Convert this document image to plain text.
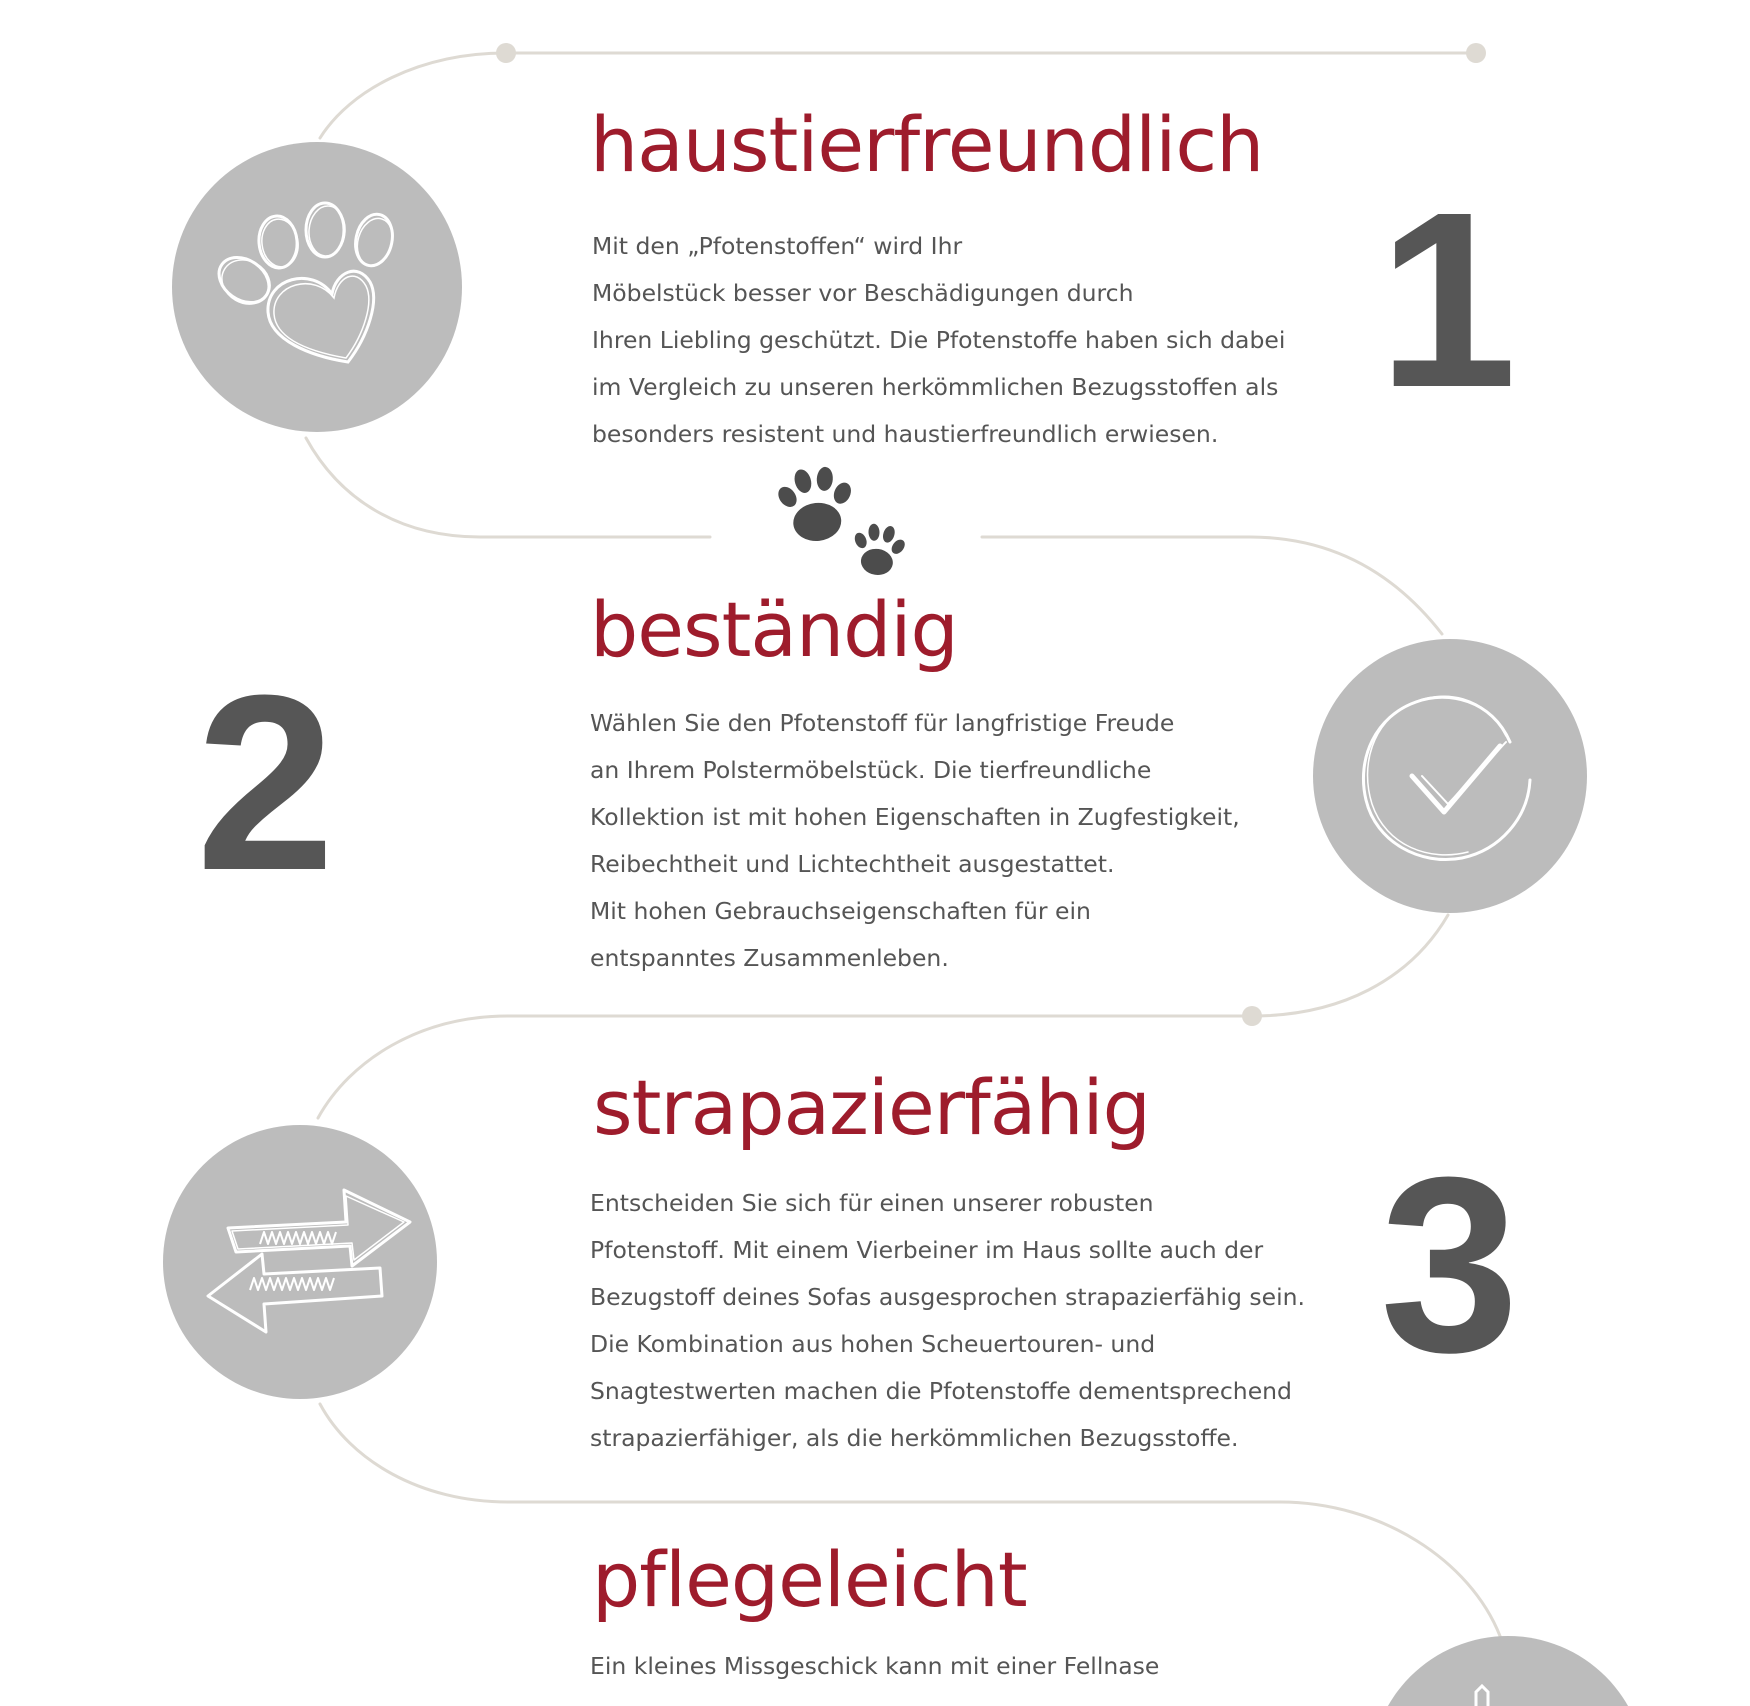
haustierfreundlich
Mit den „Pfotenstoffen“ wird Ihr
Möbelstück besser vor Beschädigungen durch
Ihren Liebling geschützt. Die Pfotenstoffe haben sich dabei
im Vergleich zu unseren herkömmlichen Bezugsstoffen als
besonders resistent und haustierfreundlich erwiesen. 1
beständig
Wählen Sie den Pfotenstoff für langfristige Freude
an Ihrem Polstermöbelstück. Die tierfreundliche
Kollektion ist mit hohen Eigenschaften in Zugfestigkeit,
Reibechtheit und Lichtechtheit ausgestattet.
Mit hohen Gebrauchseigenschaften für ein
entspanntes Zusammenleben.
2
strapazierfähig
Entscheiden Sie sich für einen unserer robusten
Pfotenstoff. Mit einem Vierbeiner im Haus sollte auch der
Bezugstoff deines Sofas ausgesprochen strapazierfähig sein.
Die Kombination aus hohen Scheuertouren- und
Snagtestwerten machen die Pfotenstoffe dementsprechend
strapazierfähiger, als die herkömmlichen Bezugsstoffe.
3
pflegeleicht
Ein kleines Missgeschick kann mit einer Fellnase
